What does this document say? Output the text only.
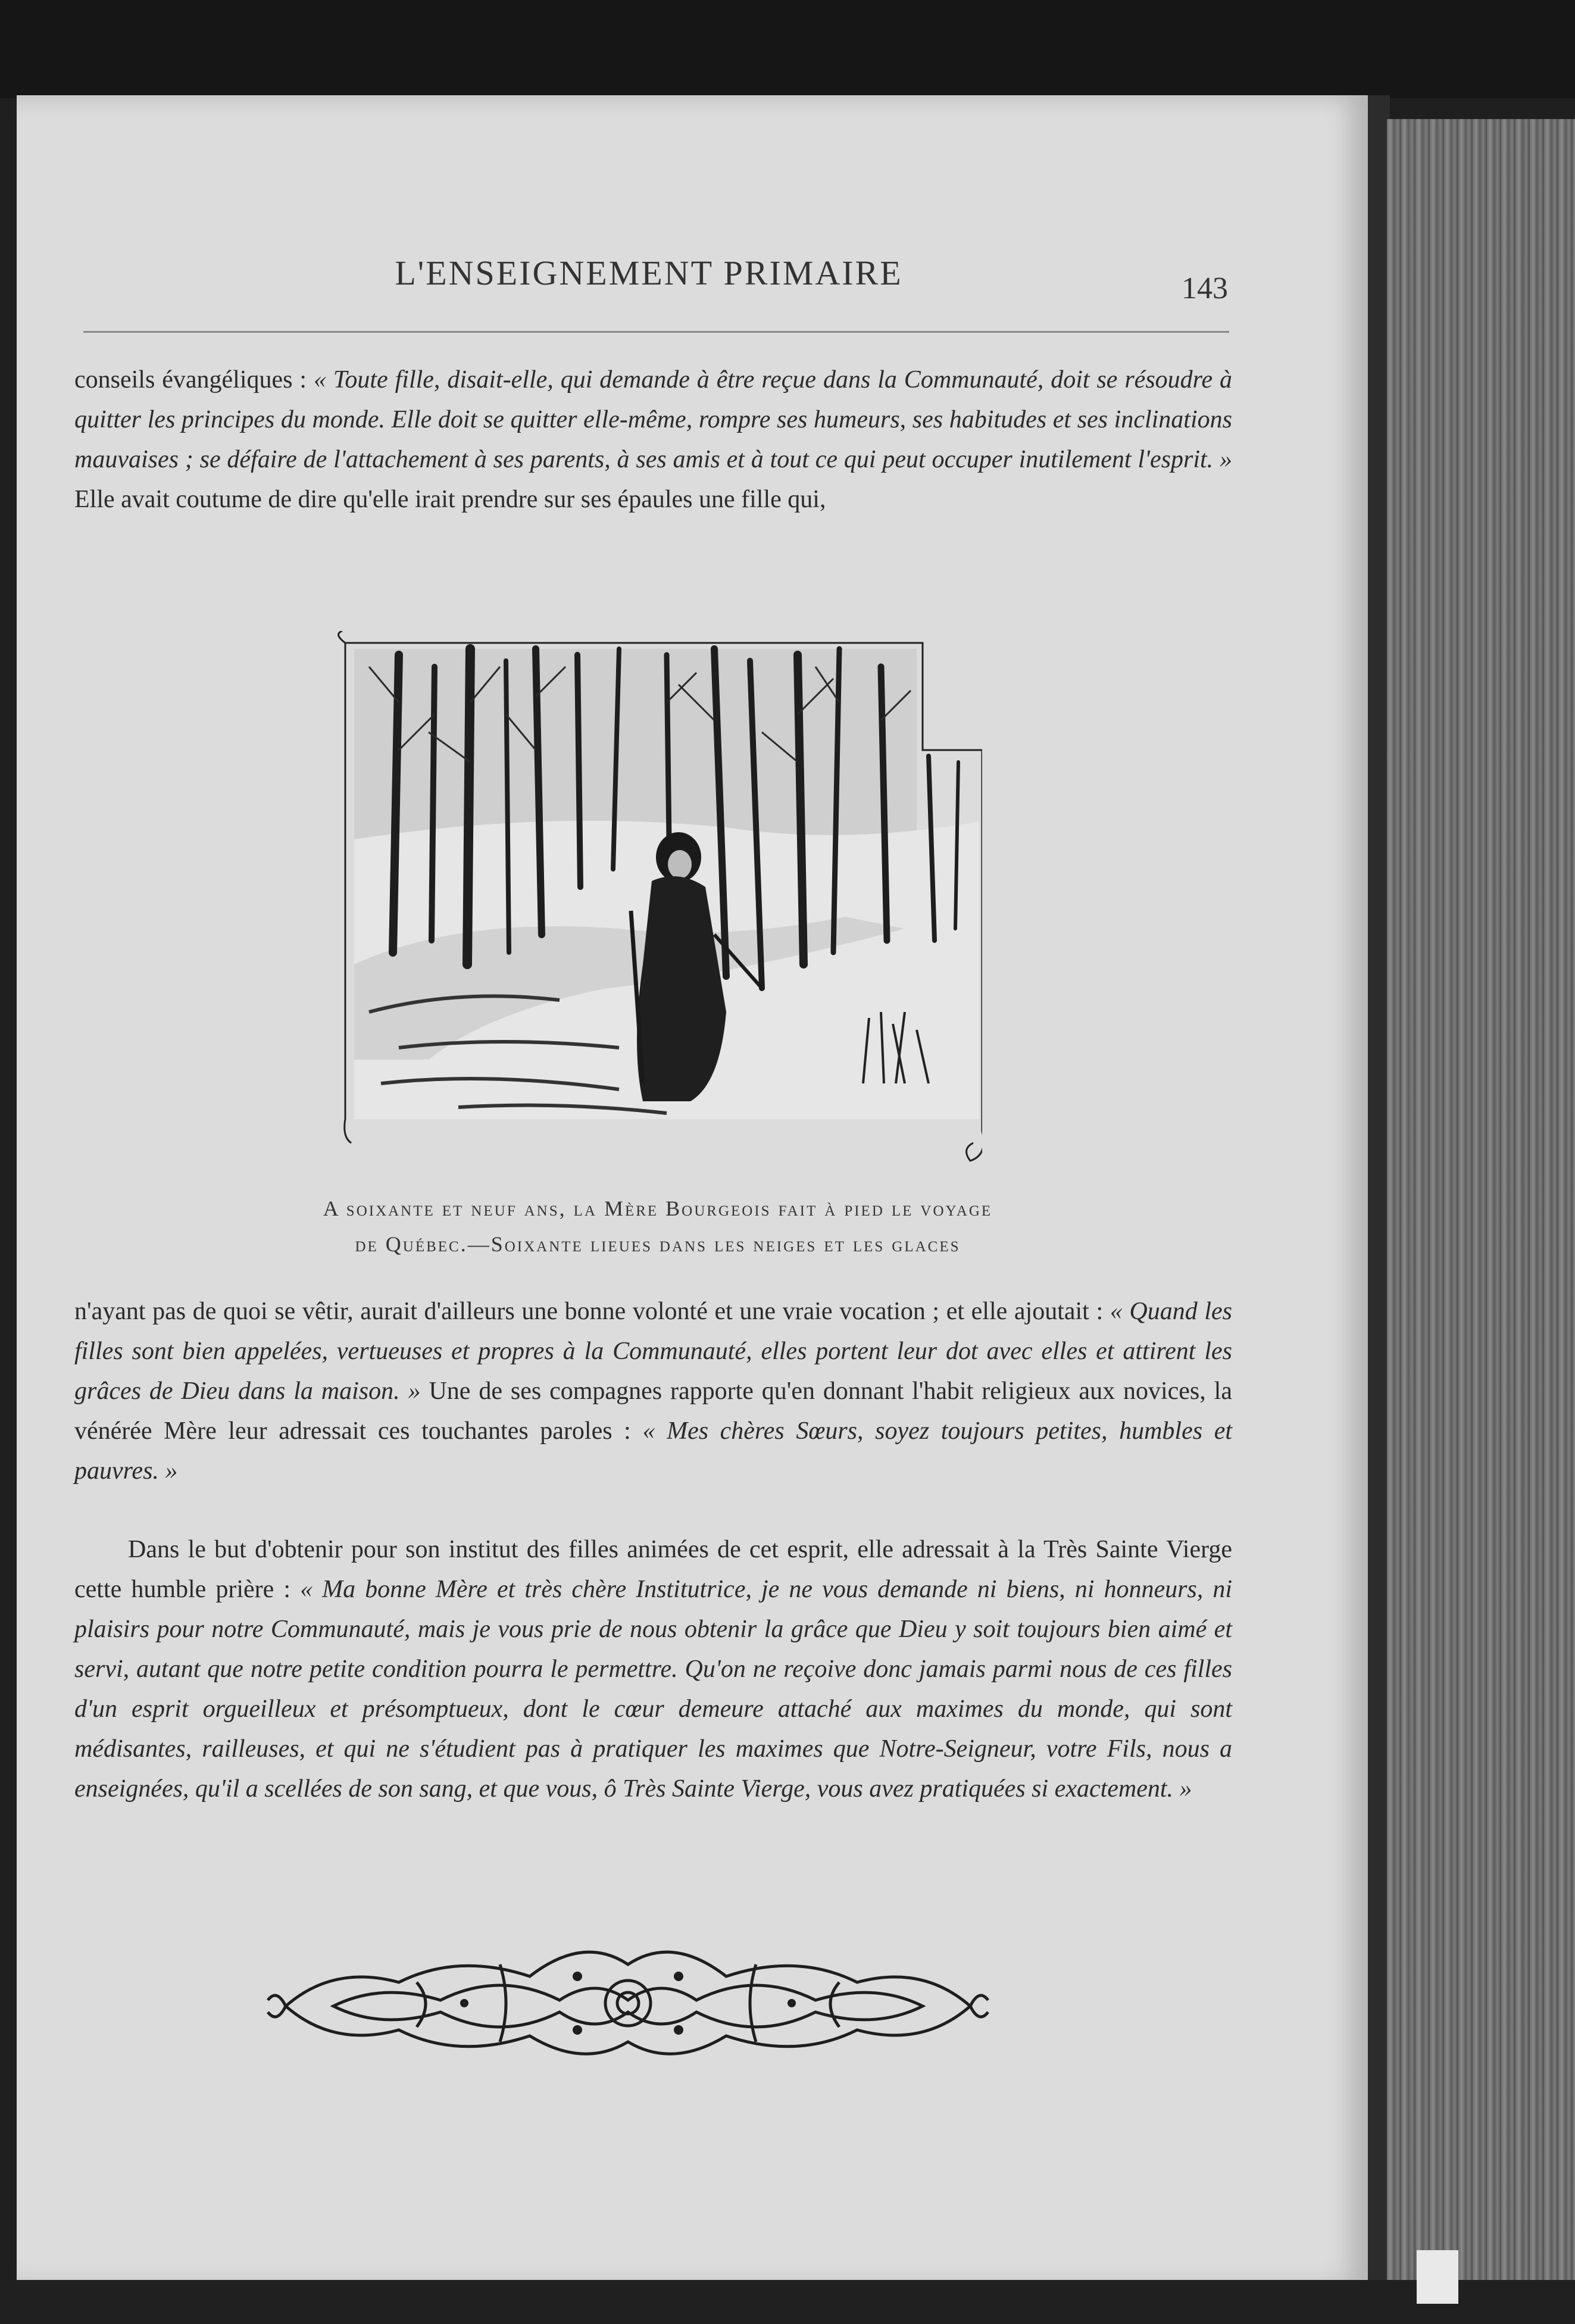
L'ENSEIGNEMENT PRIMAIRE	143

conseils évangéliques : « Toute fille, disait-elle, qui demande à être reçue dans la Communauté, doit se résoudre à quitter les principes du monde. Elle doit se quitter elle-même, rompre ses humeurs, ses habitudes et ses inclinations mauvaises ; se défaire de l'attachement à ses parents, à ses amis et à tout ce qui peut occuper inutilement l'esprit. » Elle avait coutume de dire qu'elle irait prendre sur ses épaules une fille qui,

A soixante et neuf ans, la Mère Bourgeois fait à pied le voyage
de Québec.—Soixante lieues dans les neiges et les glaces

n'ayant pas de quoi se vêtir, aurait d'ailleurs une bonne volonté et une vraie vocation ; et elle ajoutait : « Quand les filles sont bien appelées, vertueuses et propres à la Communauté, elles portent leur dot avec elles et attirent les grâces de Dieu dans la maison. » Une de ses compagnes rapporte qu'en donnant l'habit religieux aux novices, la vénérée Mère leur adressait ces touchantes paroles : « Mes chères Sœurs, soyez toujours petites, humbles et pauvres. »

Dans le but d'obtenir pour son institut des filles animées de cet esprit, elle adressait à la Très Sainte Vierge cette humble prière : « Ma bonne Mère et très chère Institutrice, je ne vous demande ni biens, ni honneurs, ni plaisirs pour notre Communauté, mais je vous prie de nous obtenir la grâce que Dieu y soit toujours bien aimé et servi, autant que notre petite condition pourra le permettre. Qu'on ne reçoive donc jamais parmi nous de ces filles d'un esprit orgueilleux et présomptueux, dont le cœur demeure attaché aux maximes du monde, qui sont médisantes, railleuses, et qui ne s'étudient pas à pratiquer les maximes que Notre-Seigneur, votre Fils, nous a enseignées, qu'il a scellées de son sang, et que vous, ô Très Sainte Vierge, vous avez pratiquées si exactement. »
